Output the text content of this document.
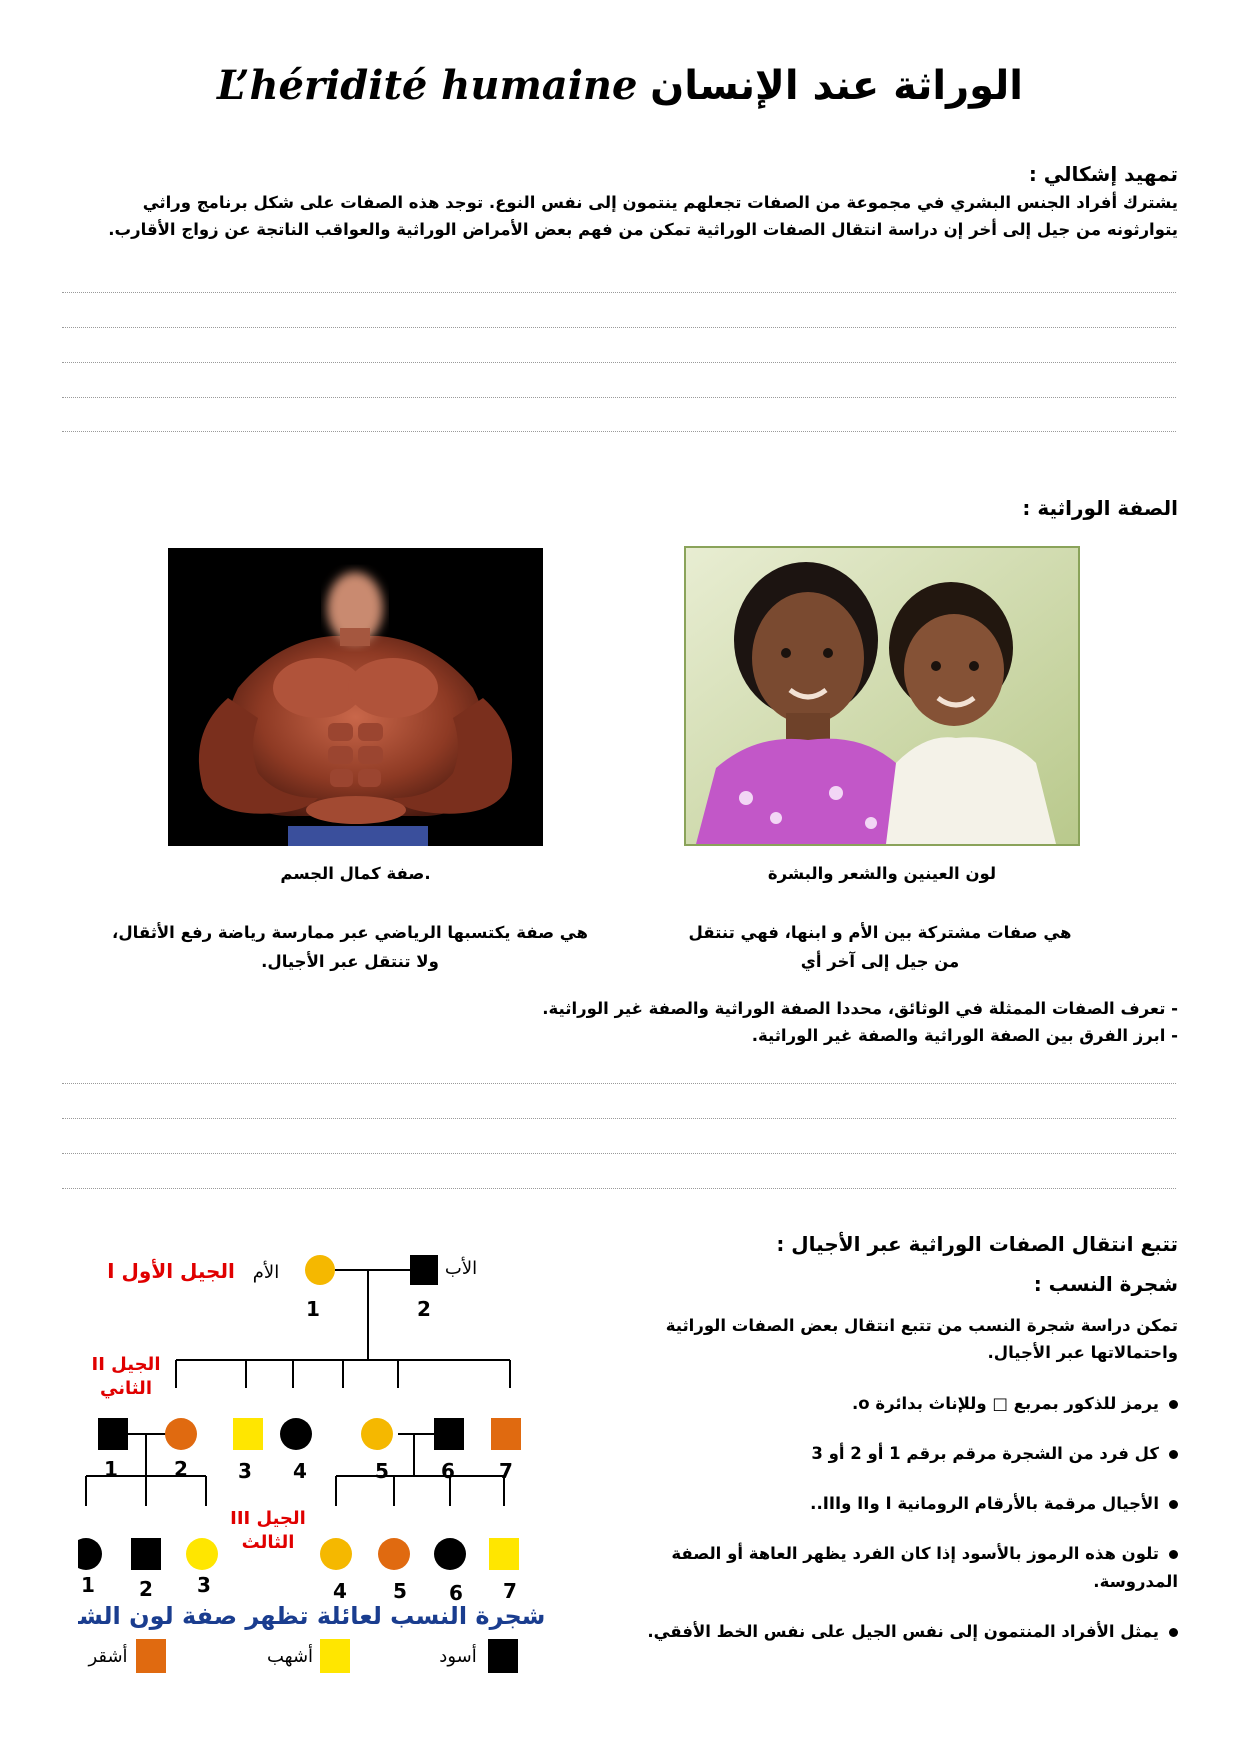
L’héridité humaine الوراثة عند الإنسان
تمهيد إشكالي :
يشترك أفراد الجنس البشري في مجموعة من الصفات تجعلهم ينتمون إلى نفس النوع. توجد هذه الصفات على شكل برنامج وراثي
يتوارثونه من جيل إلى أخر إن دراسة انتقال الصفات الوراثية تمكن من فهم بعض الأمراض الوراثية والعواقب الناتجة عن زواج الأقارب.
الصفة الوراثية :
صفة كمال الجسم.	لون العينين والشعر والبشرة
هي صفة يكتسبها الرياضي عبر ممارسة رياضة رفع الأثقال،
ولا تنتقل عبر الأجيال.
هي صفات مشتركة بين الأم و ابنها، فهي تنتقل
من جيل إلى آخر أي
- تعرف الصفات الممثلة في الوثائق، محددا الصفة الوراثية والصفة غير الوراثية.
- ابرز الفرق بين الصفة الوراثية والصفة غير الوراثية.
تتبع انتقال الصفات الوراثية عبر الأجيال :
شجرة النسب :
تمكن دراسة شجرة النسب من تتبع انتقال بعض الصفات الوراثية
واحتمالاتها عبر الأجيال.
يرمز للذكور بمربع □ وللإناث بدائرة o.
كل فرد من الشجرة مرقم برقم 1 أو 2 أو 3
الأجيال مرقمة بالأرقام الرومانية I وII وIII..
تلون هذه الرموز بالأسود إذا كان الفرد يظهر العاهة أو الصفة المدروسة.
يمثل الأفراد المنتمون إلى نفس الجيل على نفس الخط الأفقي.
الأم	الأب
I الجيل الأول
1	2
II الجيل
الثاني
1	2	3 4	5	6 7
III الجيل
الثالث
1 2 3	4 5 6 7
شجرة النسب لعائلة تظهر صفة لون الشعر
أشقر	أشهب	أسود
